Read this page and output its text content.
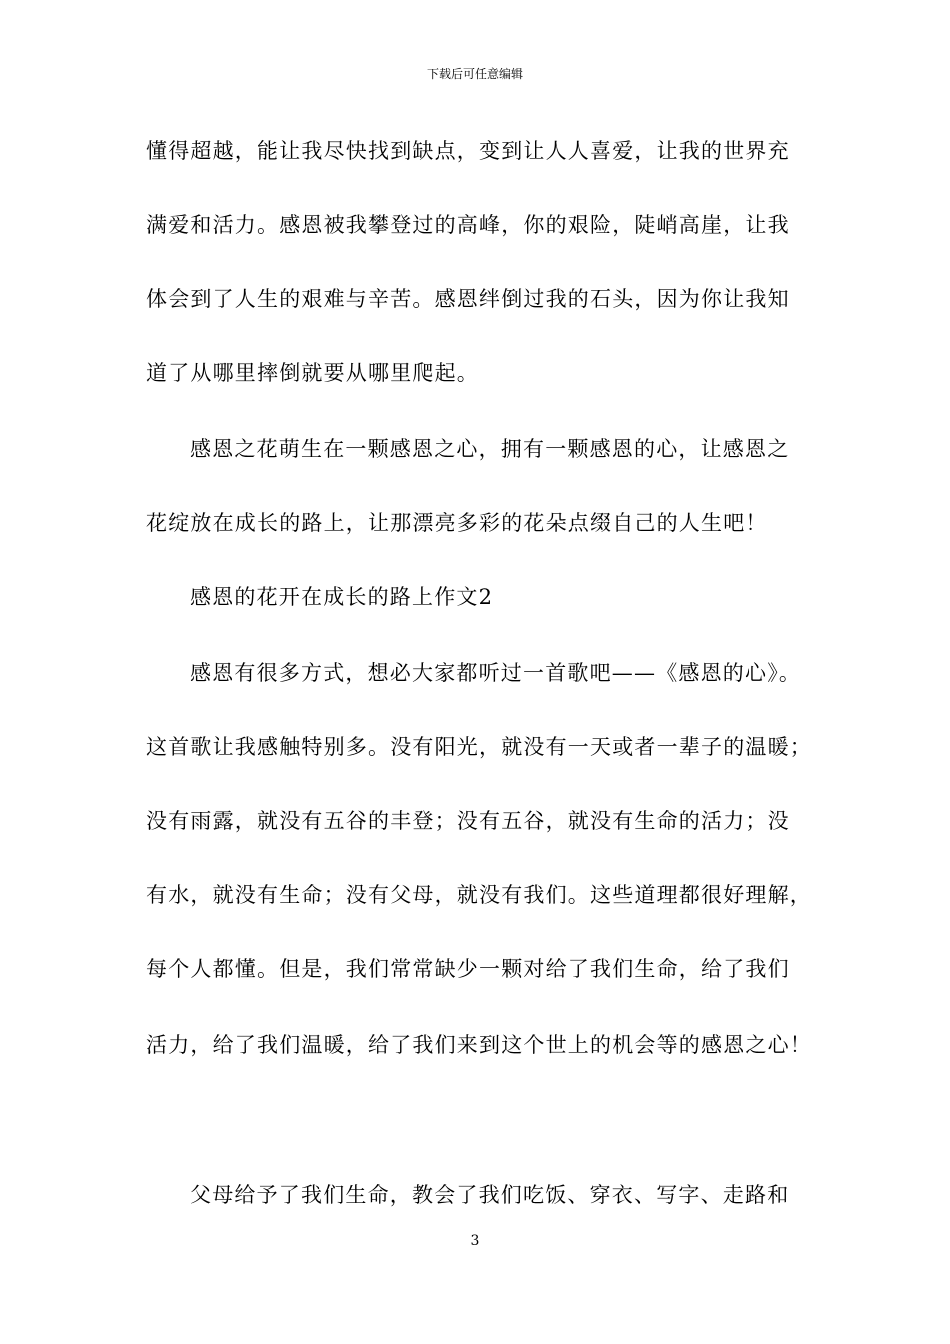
下载后可任意编辑
懂得超越，能让我尽快找到缺点，变到让人人喜爱，让我的世界充
满爱和活力。感恩被我攀登过的高峰，你的艰险，陡峭高崖，让我
体会到了人生的艰难与辛苦。感恩绊倒过我的石头，因为你让我知
道了从哪里摔倒就要从哪里爬起。
感恩之花萌生在一颗感恩之心，拥有一颗感恩的心，让感恩之
花绽放在成长的路上，让那漂亮多彩的花朵点缀自己的人生吧！
感恩的花开在成长的路上作文2
感恩有很多方式，想必大家都听过一首歌吧——《感恩的心》。
这首歌让我感触特别多。没有阳光，就没有一天或者一辈子的温暖；
没有雨露，就没有五谷的丰登；没有五谷，就没有生命的活力；没
有水，就没有生命；没有父母，就没有我们。这些道理都很好理解，
每个人都懂。但是，我们常常缺少一颗对给了我们生命，给了我们
活力，给了我们温暖，给了我们来到这个世上的机会等的感恩之心！
父母给予了我们生命，教会了我们吃饭、穿衣、写字、走路和
3
